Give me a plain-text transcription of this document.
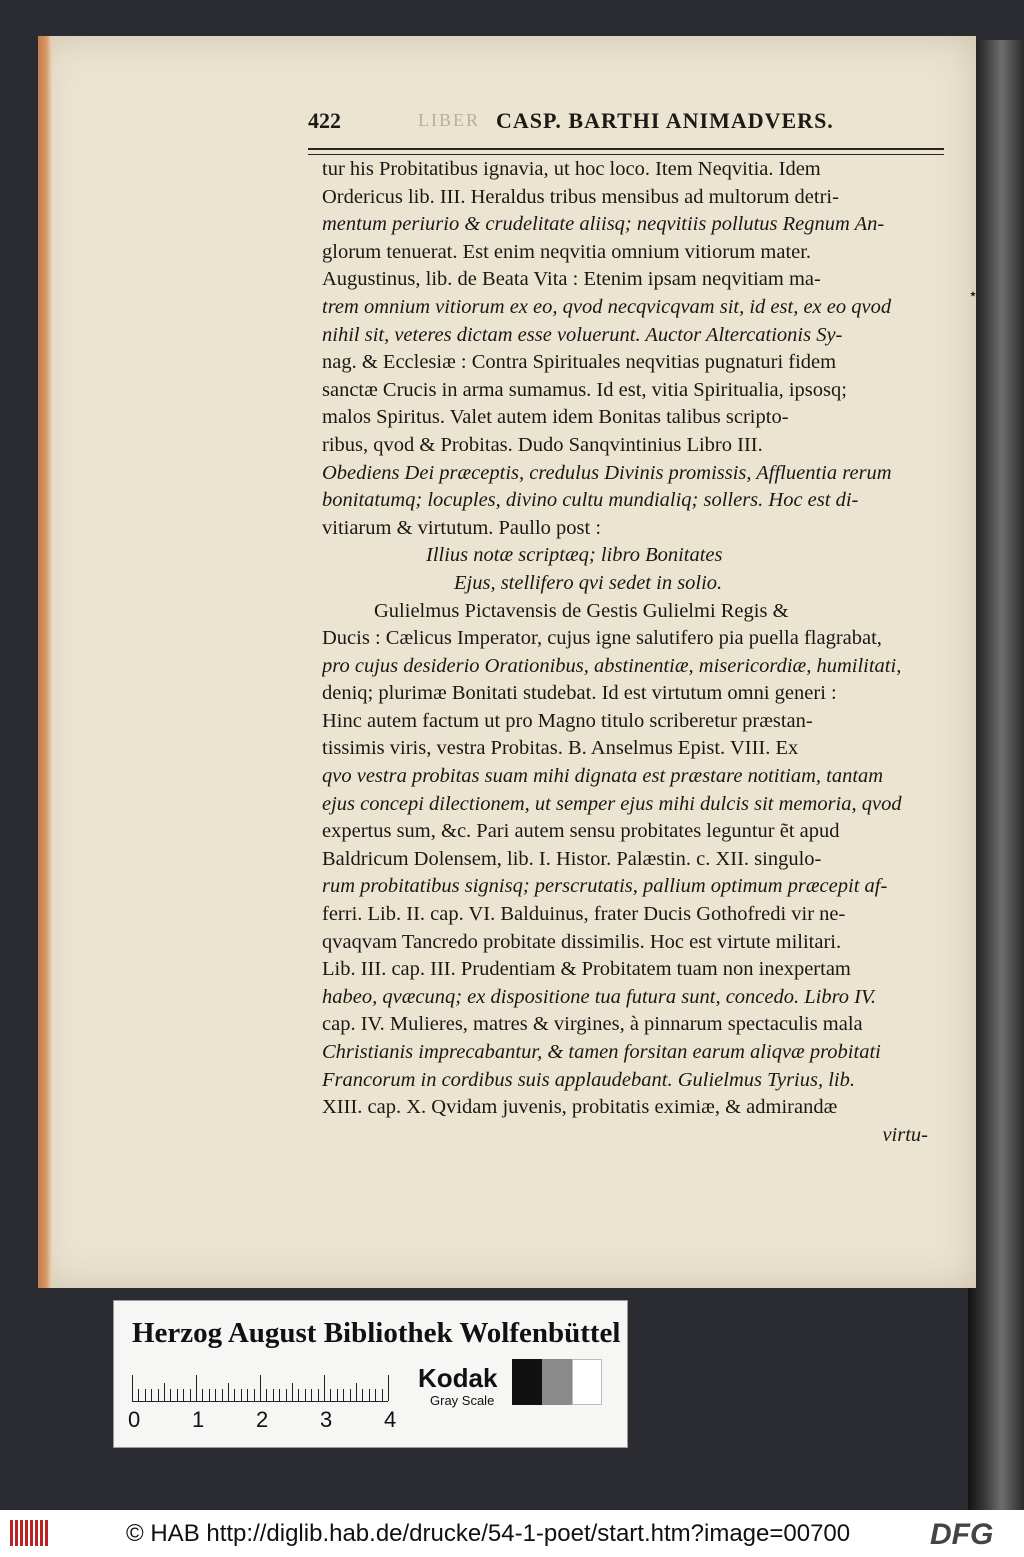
422	LIBER CASP. BARTHI ANIMADVERS.
tur his Probitatibus ignavia, ut hoc loco. Item Neqvitia. Idem
Ordericus lib. III. Heraldus tribus mensibus ad multorum detri-
mentum periurio & crudelitate aliisq; neqvitiis pollutus Regnum An-
glorum tenuerat. Est enim neqvitia omnium vitiorum mater.
Augustinus, lib. de Beata Vita : Etenim ipsam neqvitiam ma-
trem omnium vitiorum ex eo, qvod necqvicqvam sit, id est, ex eo qvod
nihil sit, veteres dictam esse voluerunt. Auctor Altercationis Sy-
nag. & Ecclesiæ : Contra Spirituales neqvitias pugnaturi fidem
sanctæ Crucis in arma sumamus. Id est, vitia Spiritualia, ipsosq;
malos Spiritus. Valet autem idem Bonitas talibus scripto-
ribus, qvod & Probitas. Dudo Sanqvintinius Libro III.
Obediens Dei præceptis, credulus Divinis promissis, Affluentia rerum
bonitatumq; locuples, divino cultu mundialiq; sollers. Hoc est di-
vitiarum & virtutum. Paullo post :
Illius notæ scriptæq; libro Bonitates
Ejus, stelliferо qvi sedet in solio.
Gulielmus Pictavensis de Gestis Gulielmi Regis &
Ducis : Cælicus Imperator, cujus igne salutifero pia puella flagrabat,
pro cujus desiderio Orationibus, abstinentiæ, misericordiæ, humilitati,
deniq; plurimæ Bonitati studebat. Id est virtutum omni generi :
Hinc autem factum ut pro Magno titulo scriberetur præstan-
tissimis viris, vestra Probitas. B. Anselmus Epist. VIII. Ex
qvo vestra probitas suam mihi dignata est præstare notitiam, tantam
ejus concepi dilectionem, ut semper ejus mihi dulcis sit memoria, qvod
expertus sum, &c. Pari autem sensu probitates leguntur ẽt apud
Baldricum Dolensem, lib. I. Histor. Palæstin. c. XII. singulo-
rum probitatibus signisq; perscrutatis, pallium optimum præcepit af-
ferri. Lib. II. cap. VI. Balduinus, frater Ducis Gothofredi vir ne-
qvaqvam Tancredo probitate dissimilis. Hoc est virtute militari.
Lib. III. cap. III. Prudentiam & Probitatem tuam non inexpertam
habeo, qvæcunq; ex dispositione tua futura sunt, concedo. Libro IV.
cap. IV. Mulieres, matres & virgines, à pinnarum spectaculis mala
Christianis imprecabantur, & tamen forsitan earum aliqvæ probitati
Francorum in cordibus suis applaudebant. Gulielmus Tyrius, lib.
XIII. cap. X. Qvidam juvenis, probitatis eximiæ, & admirandæ
virtu-
⋆
Herzog August Bibliothek Wolfenbüttel
0 1 2 3 4
Kodak
Gray Scale
© HAB http://diglib.hab.de/drucke/54-1-poet/start.htm?image=00700	DFG
